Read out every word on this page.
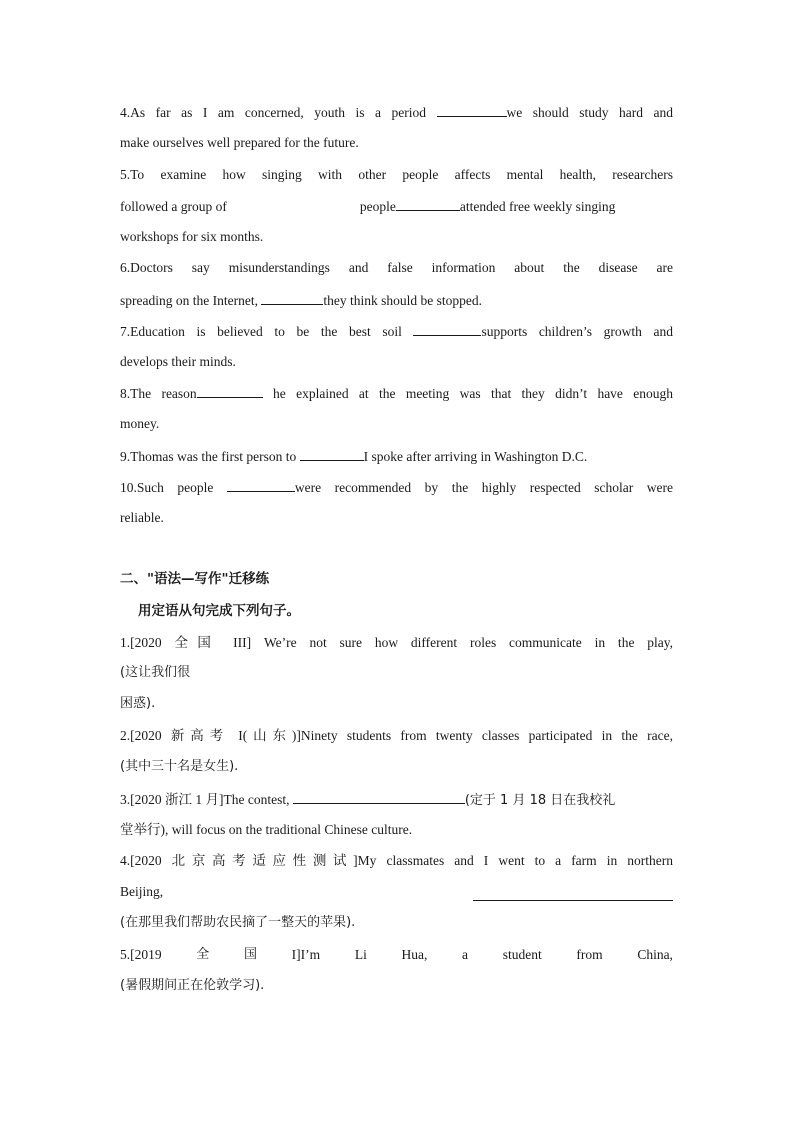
4.As far as I am concerned, youth is a period	we should study hard and
make ourselves well prepared for the future.
5.To examine how singing with other people affects mental health, researchers
followed a group of	people	attended free weekly singing
workshops for six months.
6.Doctors say misunderstandings and false information about the disease are
spreading on the Internet,	they think should be stopped.
7.Education is believed to be the best soil	supports children’s growth and
develops their minds.
8.The reason	he explained at the meeting was that they didn’t have enough
money.
9.Thomas was the first person to	I spoke after arriving in Washington D.C.
10.Such people	were recommended by the highly respected scholar were
reliable.
二、"语法—写作"迁移练
用定语从句完成下列句子。
1.[2020 全国 III] We’re not sure how different roles communicate in the play,
(这让我们很
困惑).
2.[2020 新高考 I(山东)]Ninety students from twenty classes participated in the race,
(其中三十名是女生).
3.[2020 浙江 1 月]The contest,	(定于 1 月 18 日在我校礼
堂举行), will focus on the traditional Chinese culture.
4.[2020 北京高考适应性测试]My classmates and I went to a farm in northern
Beijing,
(在那里我们帮助农民摘了一整天的苹果).
5.[2019	全	国	I]I’m	Li	Hua,	a	student	from	China,
(暑假期间正在伦敦学习).
